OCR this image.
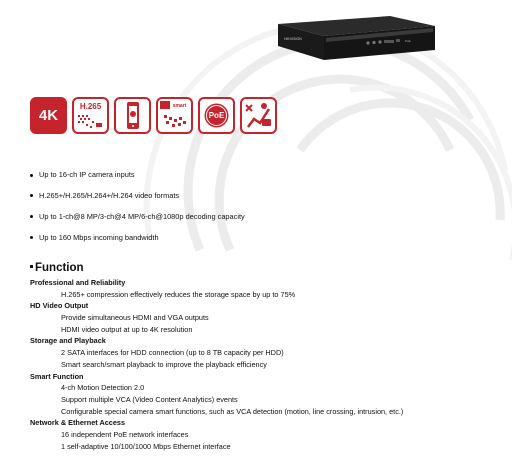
HIKVISION	PoE
4K
H.265	smart
PoE
Up to 16-ch IP camera inputs
H.265+/H.265/H.264+/H.264 video formats
Up to 1-ch@8 MP/3-ch@4 MP/6-ch@1080p decoding capacity
Up to 160 Mbps incoming bandwidth
Function
Professional and Reliability
H.265+ compression effectively reduces the storage space by up to 75%
HD Video Output
Provide simultaneous HDMI and VGA outputs
HDMI video output at up to 4K resolution
Storage and Playback
2 SATA interfaces for HDD connection (up to 8 TB capacity per HDD)
Smart search/smart playback to improve the playback efficiency
Smart Function
4-ch Motion Detection 2.0
Support multiple VCA (Video Content Analytics) events
Configurable special camera smart functions, such as VCA detection (motion, line crossing, intrusion, etc.)
Network & Ethernet Access
16 independent PoE network interfaces
1 self-adaptive 10/100/1000 Mbps Ethernet interface
